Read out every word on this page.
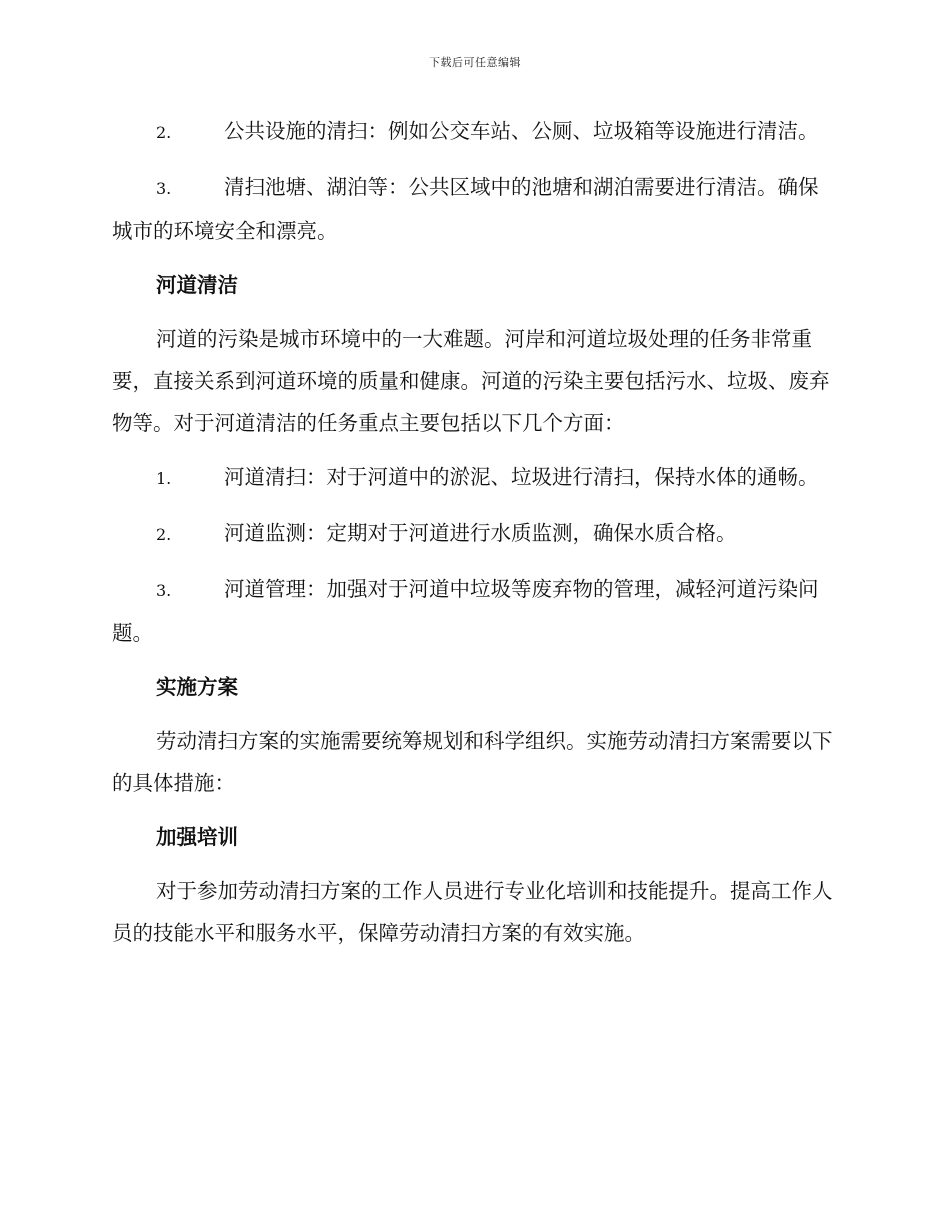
下载后可任意编辑

2.	公共设施的清扫：例如公交车站、公厕、垃圾箱等设施进行清洁。

3.	清扫池塘、湖泊等：公共区域中的池塘和湖泊需要进行清洁。确保城市的环境安全和漂亮。

河道清洁

河道的污染是城市环境中的一大难题。河岸和河道垃圾处理的任务非常重要，直接关系到河道环境的质量和健康。河道的污染主要包括污水、垃圾、废弃物等。对于河道清洁的任务重点主要包括以下几个方面：

1.	河道清扫：对于河道中的淤泥、垃圾进行清扫，保持水体的通畅。

2.	河道监测：定期对于河道进行水质监测，确保水质合格。

3.	河道管理：加强对于河道中垃圾等废弃物的管理，减轻河道污染问题。

实施方案

劳动清扫方案的实施需要统筹规划和科学组织。实施劳动清扫方案需要以下的具体措施：

加强培训

对于参加劳动清扫方案的工作人员进行专业化培训和技能提升。提高工作人员的技能水平和服务水平，保障劳动清扫方案的有效实施。
